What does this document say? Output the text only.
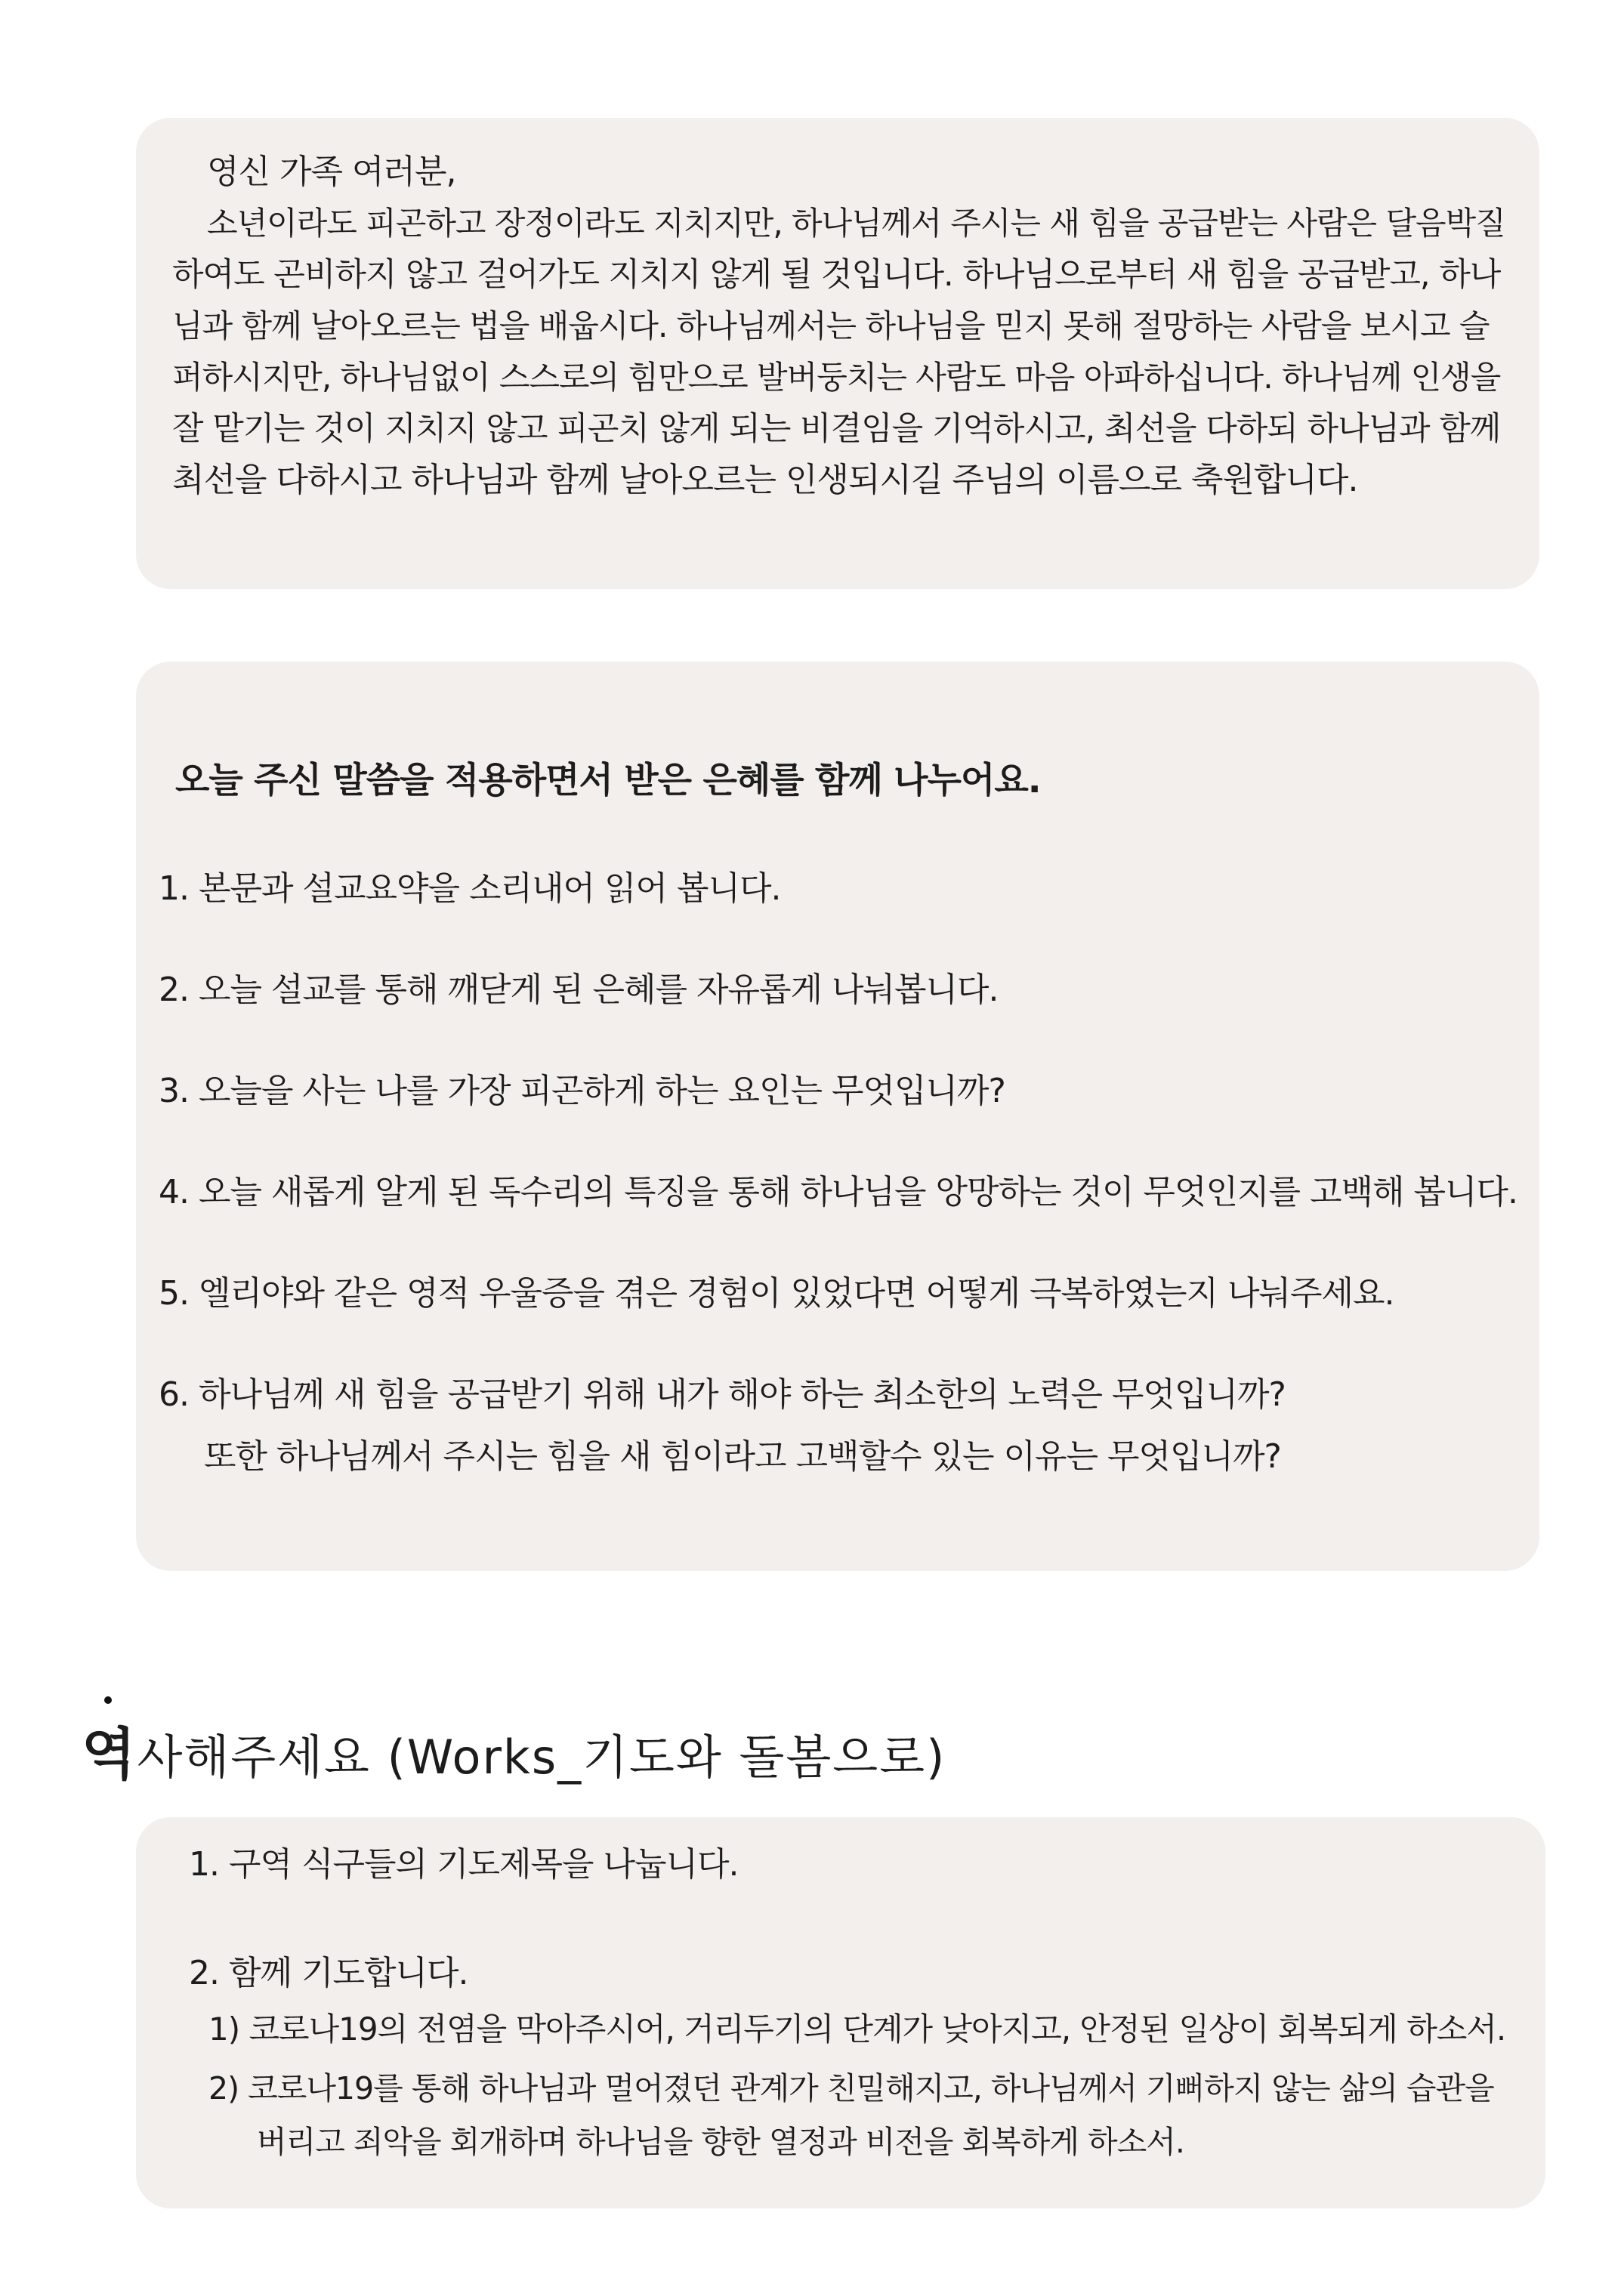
영신 가족 여러분,
소년이라도 피곤하고 장정이라도 지치지만, 하나님께서 주시는 새 힘을 공급받는 사람은 달음박질
하여도 곤비하지 않고 걸어가도 지치지 않게 될 것입니다. 하나님으로부터 새 힘을 공급받고, 하나
님과 함께 날아오르는 법을 배웁시다. 하나님께서는 하나님을 믿지 못해 절망하는 사람을 보시고 슬
퍼하시지만, 하나님없이 스스로의 힘만으로 발버둥치는 사람도 마음 아파하십니다. 하나님께 인생을
잘 맡기는 것이 지치지 않고 피곤치 않게 되는 비결임을 기억하시고, 최선을 다하되 하나님과 함께
최선을 다하시고 하나님과 함께 날아오르는 인생되시길 주님의 이름으로 축원합니다.

오늘 주신 말씀을 적용하면서 받은 은혜를 함께 나누어요.
1. 본문과 설교요약을 소리내어 읽어 봅니다.
2. 오늘 설교를 통해 깨닫게 된 은혜를 자유롭게 나눠봅니다.
3. 오늘을 사는 나를 가장 피곤하게 하는 요인는 무엇입니까?
4. 오늘 새롭게 알게 된 독수리의 특징을 통해 하나님을 앙망하는 것이 무엇인지를 고백해 봅니다.
5. 엘리야와 같은 영적 우울증을 겪은 경험이 있었다면 어떻게 극복하였는지 나눠주세요.
6. 하나님께 새 힘을 공급받기 위해 내가 해야 하는 최소한의 노력은 무엇입니까?
또한 하나님께서 주시는 힘을 새 힘이라고 고백할수 있는 이유는 무엇입니까?
역사해주세요 (Works_기도와 돌봄으로)
1. 구역 식구들의 기도제목을 나눕니다.
2. 함께 기도합니다.
1) 코로나19의 전염을 막아주시어, 거리두기의 단계가 낮아지고, 안정된 일상이 회복되게 하소서.
2) 코로나19를 통해 하나님과 멀어졌던 관계가 친밀해지고, 하나님께서 기뻐하지 않는 삶의 습관을
버리고 죄악을 회개하며 하나님을 향한 열정과 비전을 회복하게 하소서.
